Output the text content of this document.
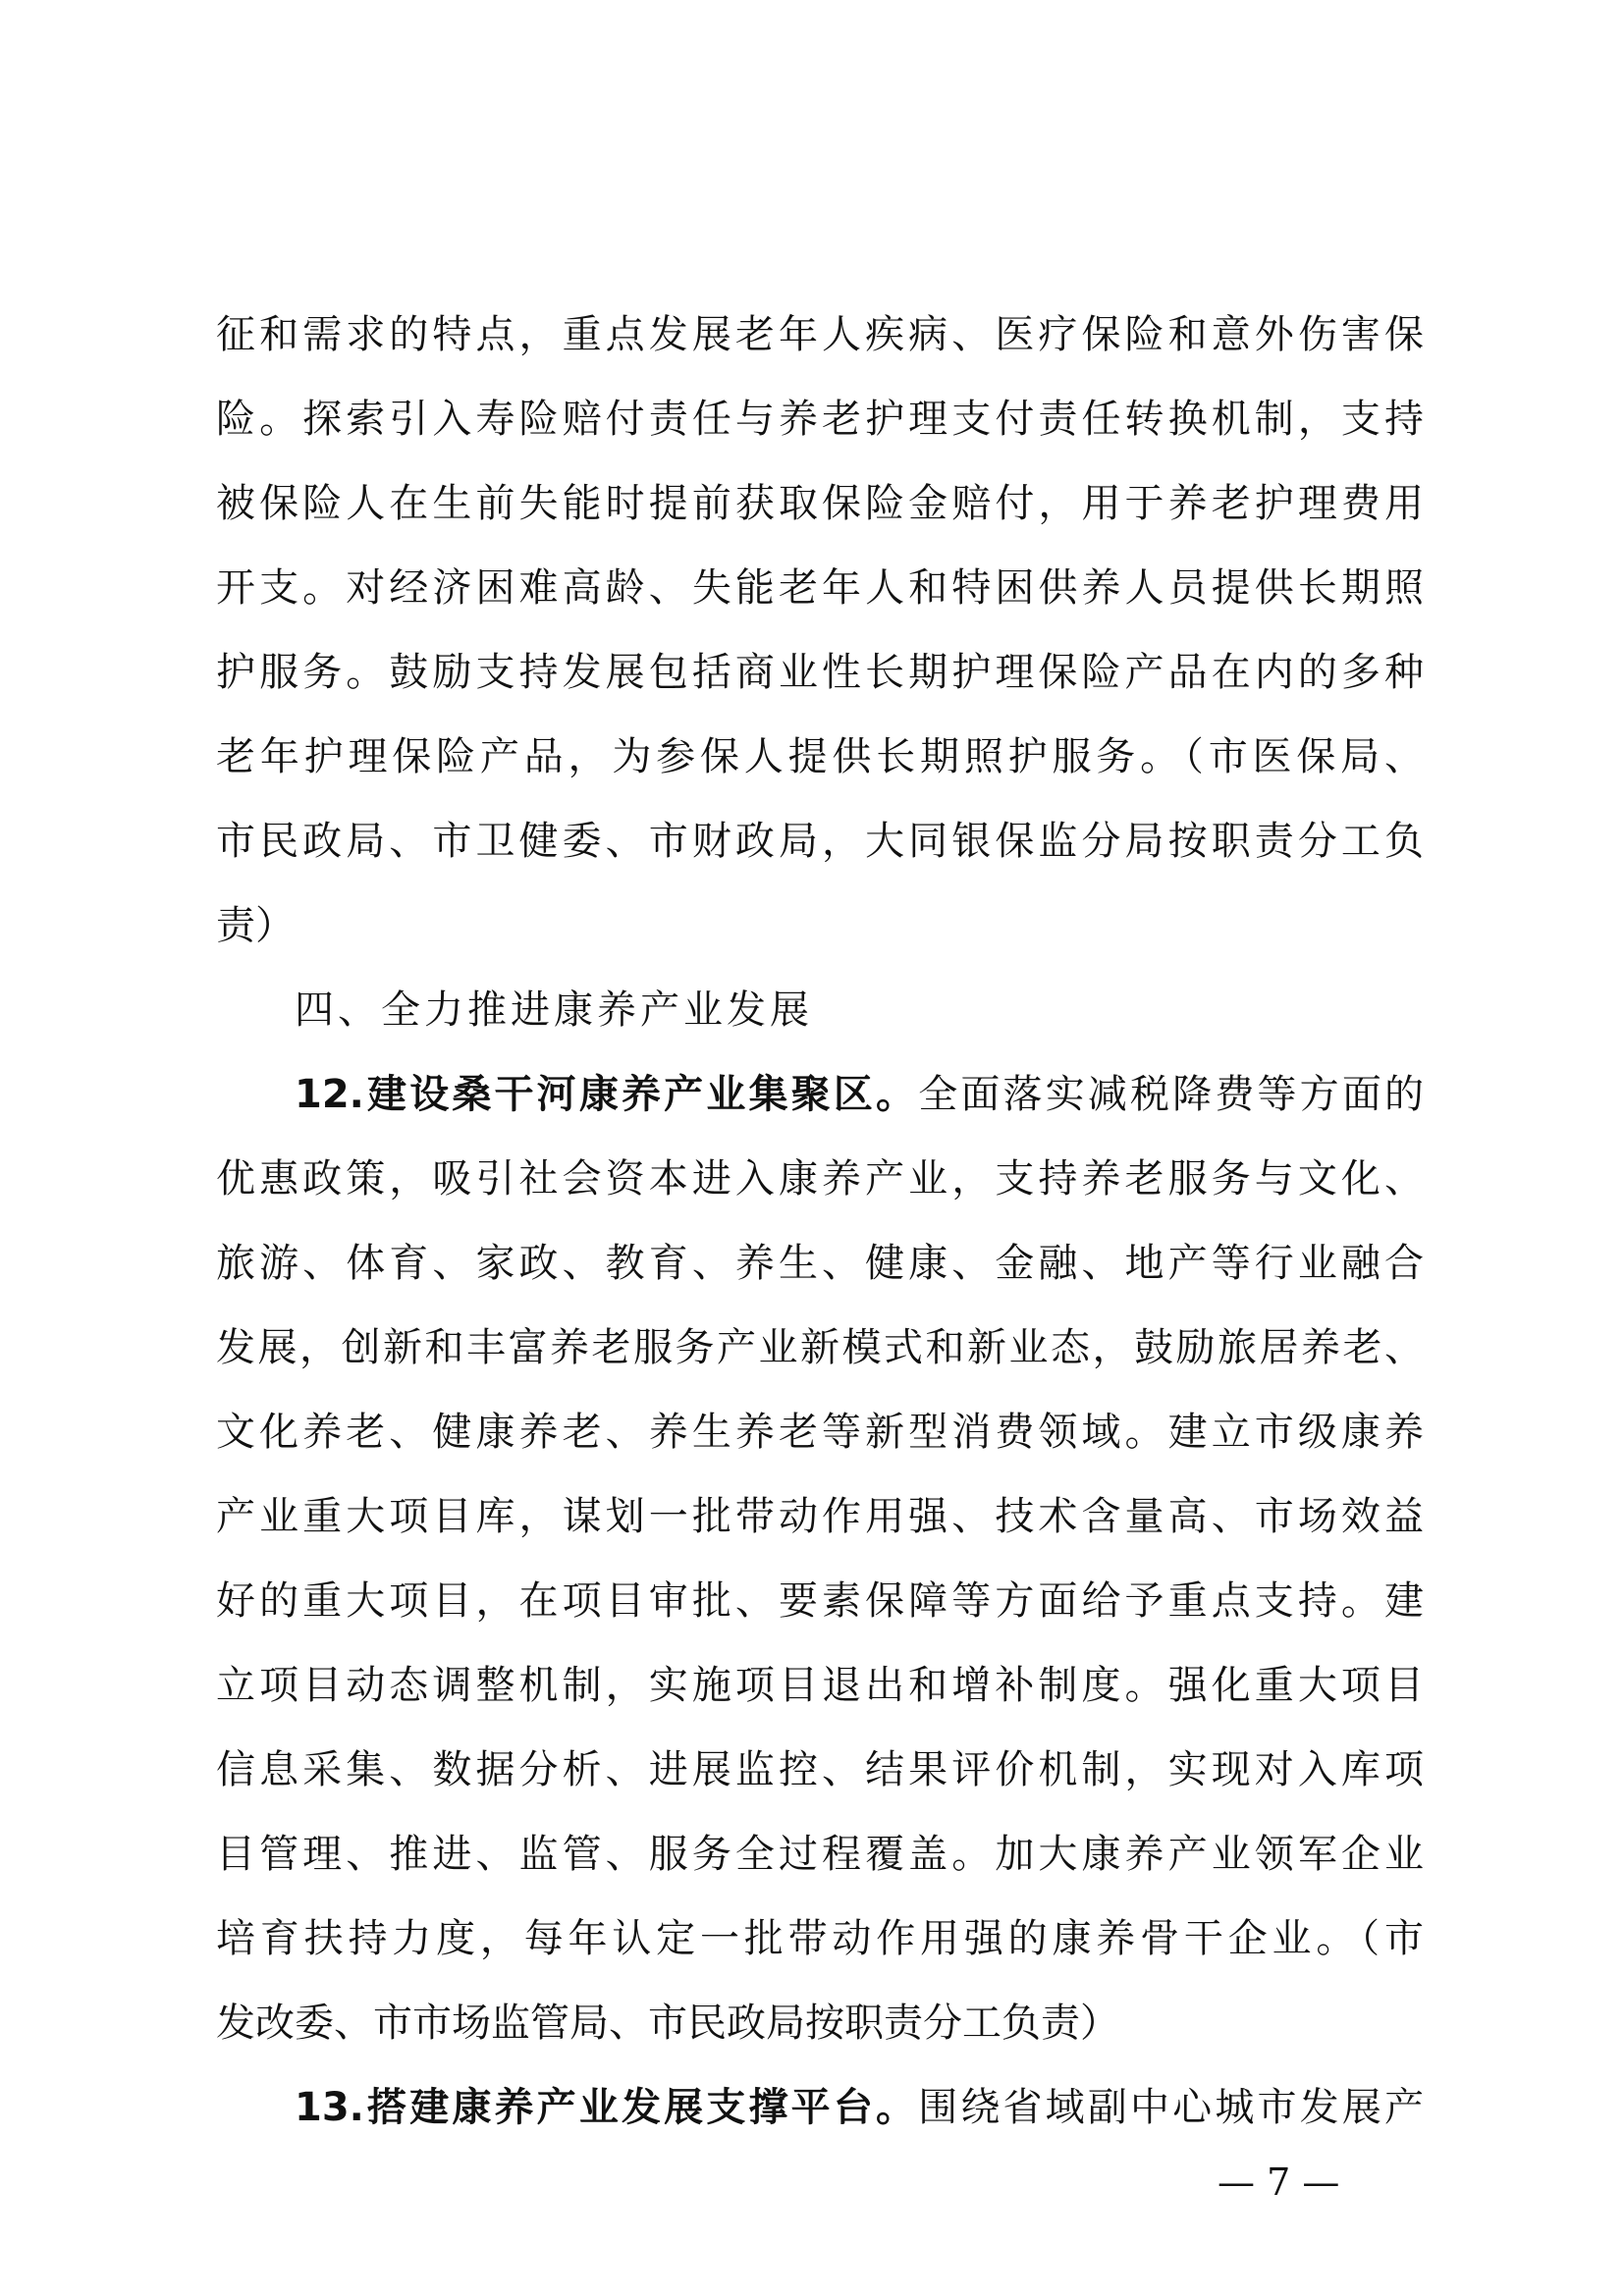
征和需求的特点，重点发展老年人疾病、医疗保险和意外伤害保
险。探索引入寿险赔付责任与养老护理支付责任转换机制，支持
被保险人在生前失能时提前获取保险金赔付，用于养老护理费用
开支。对经济困难高龄、失能老年人和特困供养人员提供长期照
护服务。鼓励支持发展包括商业性长期护理保险产品在内的多种
老年护理保险产品，为参保人提供长期照护服务。（市医保局、
市民政局、市卫健委、市财政局，大同银保监分局按职责分工负
责）
四、全力推进康养产业发展
12.建设桑干河康养产业集聚区。全面落实减税降费等方面的
优惠政策，吸引社会资本进入康养产业，支持养老服务与文化、
旅游、体育、家政、教育、养生、健康、金融、地产等行业融合
发展，创新和丰富养老服务产业新模式和新业态，鼓励旅居养老、
文化养老、健康养老、养生养老等新型消费领域。建立市级康养
产业重大项目库，谋划一批带动作用强、技术含量高、市场效益
好的重大项目，在项目审批、要素保障等方面给予重点支持。建
立项目动态调整机制，实施项目退出和增补制度。强化重大项目
信息采集、数据分析、进展监控、结果评价机制，实现对入库项
目管理、推进、监管、服务全过程覆盖。加大康养产业领军企业
培育扶持力度，每年认定一批带动作用强的康养骨干企业。（市
发改委、市市场监管局、市民政局按职责分工负责）
13.搭建康养产业发展支撑平台。围绕省域副中心城市发展产
— 7 —
